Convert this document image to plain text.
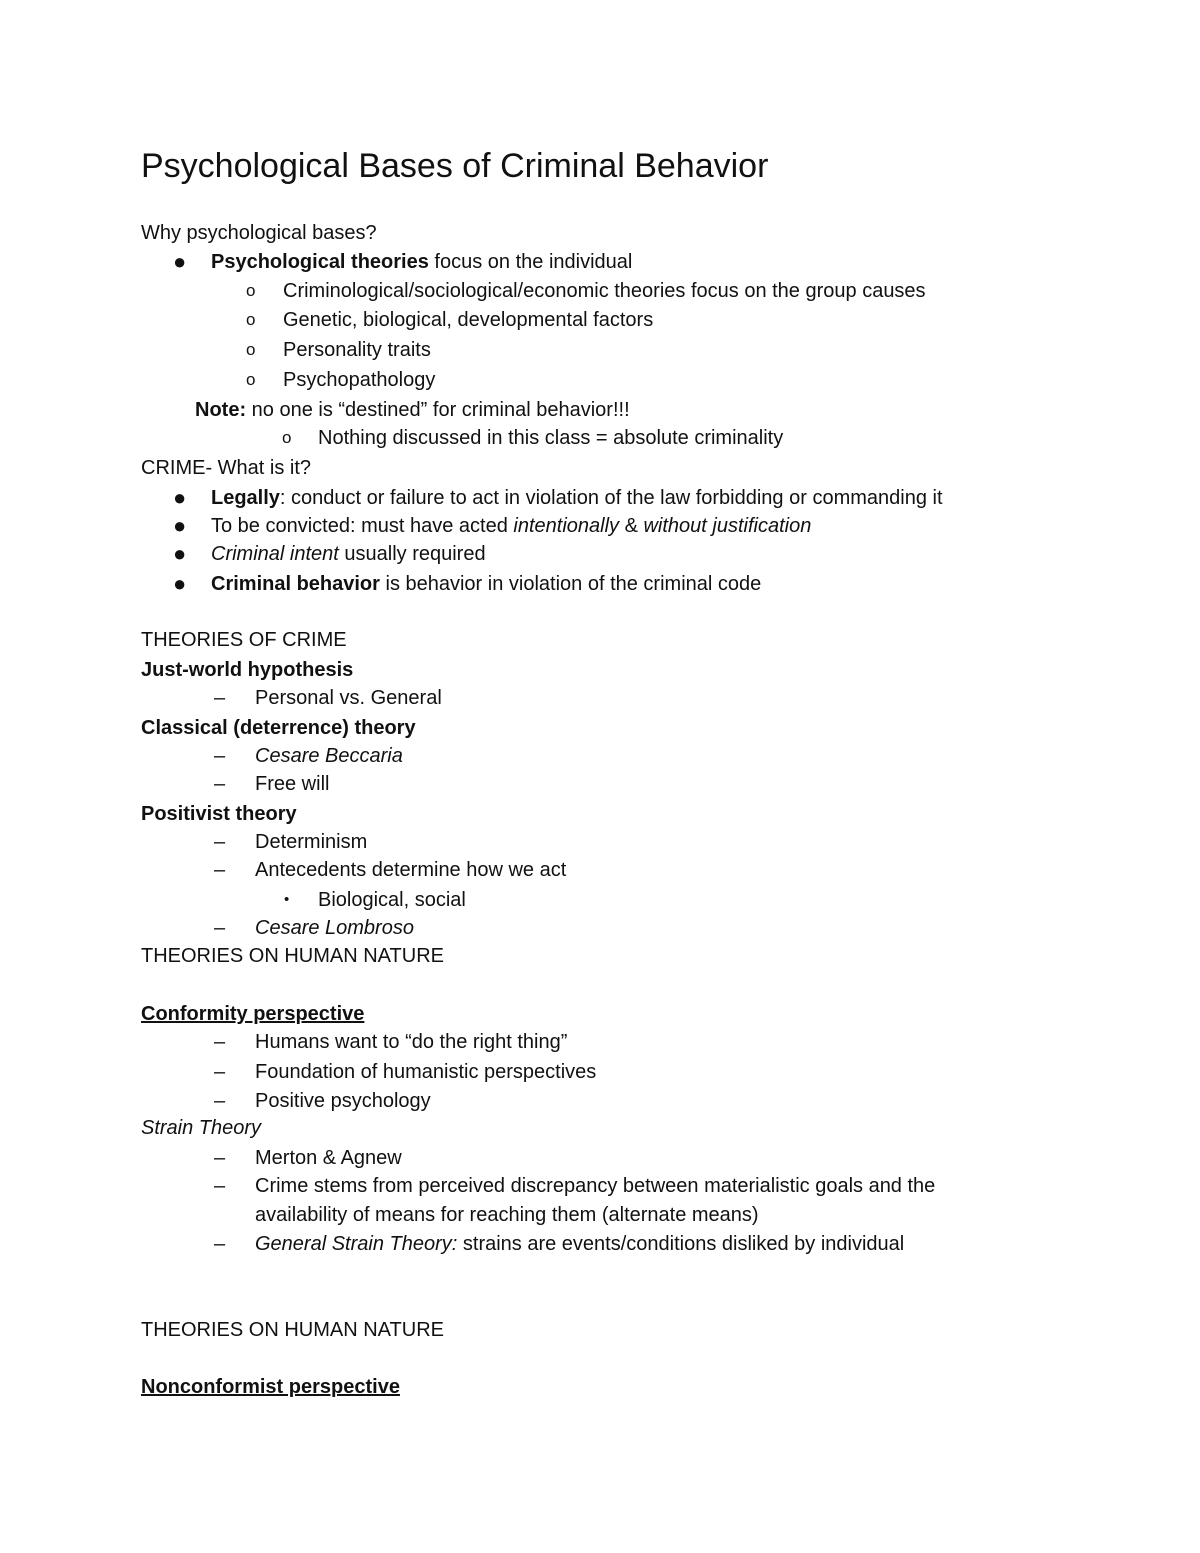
Psychological Bases of Criminal Behavior
Why psychological bases?
● Psychological theories focus on the individual
o Criminological/sociological/economic theories focus on the group causes
o Genetic, biological, developmental factors
o Personality traits
o Psychopathology
Note: no one is “destined” for criminal behavior!!!
o Nothing discussed in this class = absolute criminality
CRIME- What is it?
● Legally: conduct or failure to act in violation of the law forbidding or commanding it
● To be convicted: must have acted intentionally & without justification
● Criminal intent usually required
● Criminal behavior is behavior in violation of the criminal code
THEORIES OF CRIME
Just-world hypothesis
– Personal vs. General
Classical (deterrence) theory
– Cesare Beccaria
– Free will
Positivist theory
– Determinism
– Antecedents determine how we act
• Biological, social
– Cesare Lombroso
THEORIES ON HUMAN NATURE
Conformity perspective
– Humans want to “do the right thing”
– Foundation of humanistic perspectives
– Positive psychology
Strain Theory
– Merton & Agnew
– Crime stems from perceived discrepancy between materialistic goals and the
availability of means for reaching them (alternate means)
– General Strain Theory: strains are events/conditions disliked by individual
THEORIES ON HUMAN NATURE
Nonconformist perspective
